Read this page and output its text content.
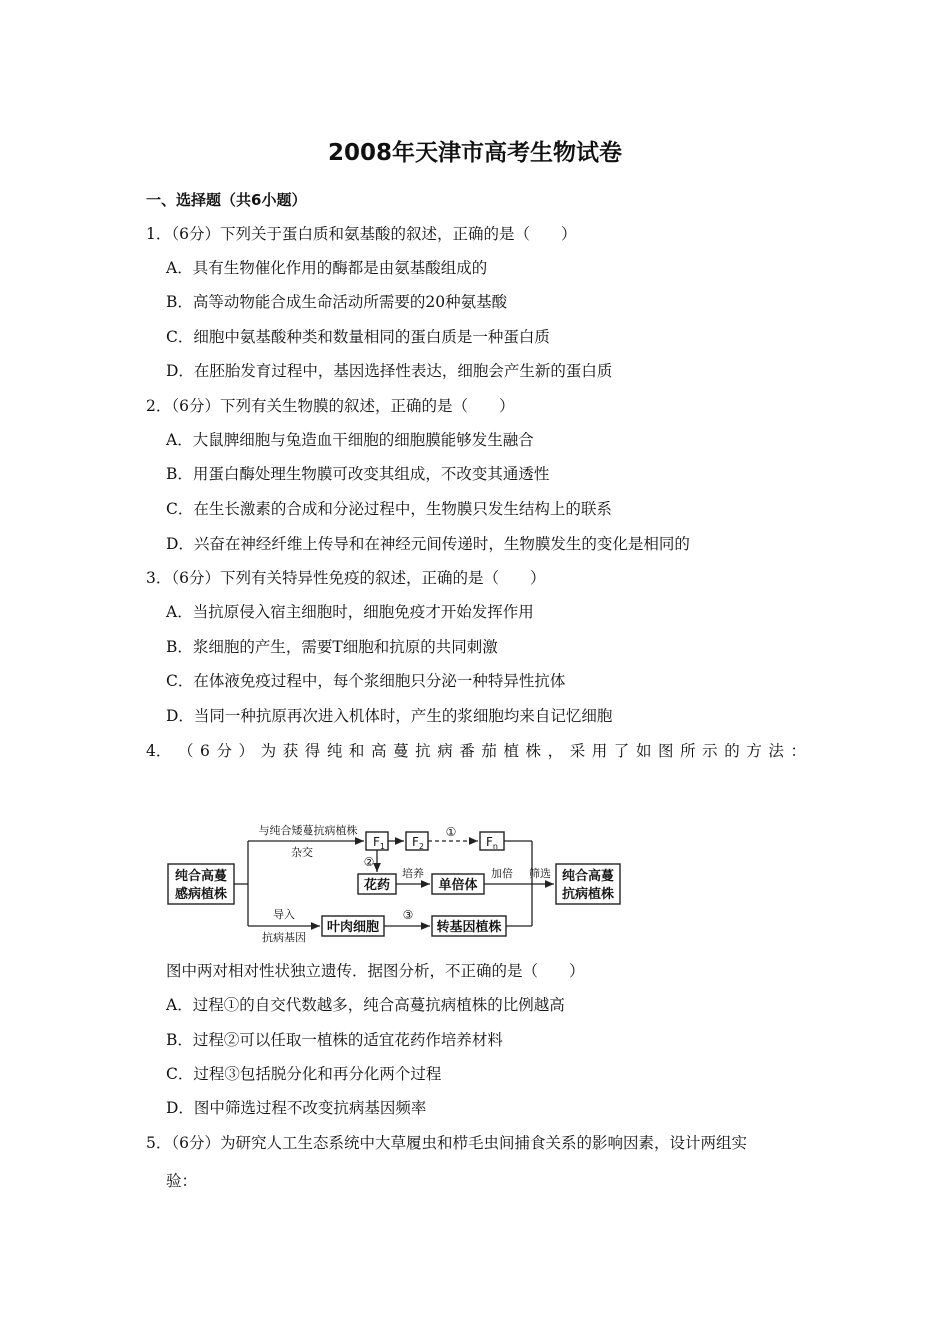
2008年天津市高考生物试卷
一、选择题（共6小题）
1．（6分）下列关于蛋白质和氨基酸的叙述，正确的是（　　）
A．具有生物催化作用的酶都是由氨基酸组成的
B．高等动物能合成生命活动所需要的20种氨基酸
C．细胞中氨基酸种类和数量相同的蛋白质是一种蛋白质
D．在胚胎发育过程中，基因选择性表达，细胞会产生新的蛋白质
2．（6分）下列有关生物膜的叙述，正确的是（　　）
A．大鼠脾细胞与兔造血干细胞的细胞膜能够发生融合
B．用蛋白酶处理生物膜可改变其组成，不改变其通透性
C．在生长激素的合成和分泌过程中，生物膜只发生结构上的联系
D．兴奋在神经纤维上传导和在神经元间传递时，生物膜发生的变化是相同的
3．（6分）下列有关特异性免疫的叙述，正确的是（　　）
A．当抗原侵入宿主细胞时，细胞免疫才开始发挥作用
B．浆细胞的产生，需要T细胞和抗原的共同刺激
C．在体液免疫过程中，每个浆细胞只分泌一种特异性抗体
D．当同一种抗原再次进入机体时，产生的浆细胞均来自记忆细胞
4． （ 6 分 ） 为 获 得 纯 和 高 蔓 抗 病 番 茄 植 株 ， 采 用 了 如 图 所 示 的 方 法 ：
纯合高蔓
感病植株
与纯合矮蔓抗病植株
杂交
$F_1$ $F_2$
①
$F_n$
②
花药
培养
单倍体
加倍
导入
抗病基因
叶肉细胞
③
转基因植株
筛选 纯合高蔓
抗病植株
图中两对相对性状独立遗传．据图分析，不正确的是（　　）
A．过程①的自交代数越多，纯合高蔓抗病植株的比例越高
B．过程②可以任取一植株的适宜花药作培养材料
C．过程③包括脱分化和再分化两个过程
D．图中筛选过程不改变抗病基因频率
5．（6分）为研究人工生态系统中大草履虫和栉毛虫间捕食关系的影响因素，设计两组实
验：
